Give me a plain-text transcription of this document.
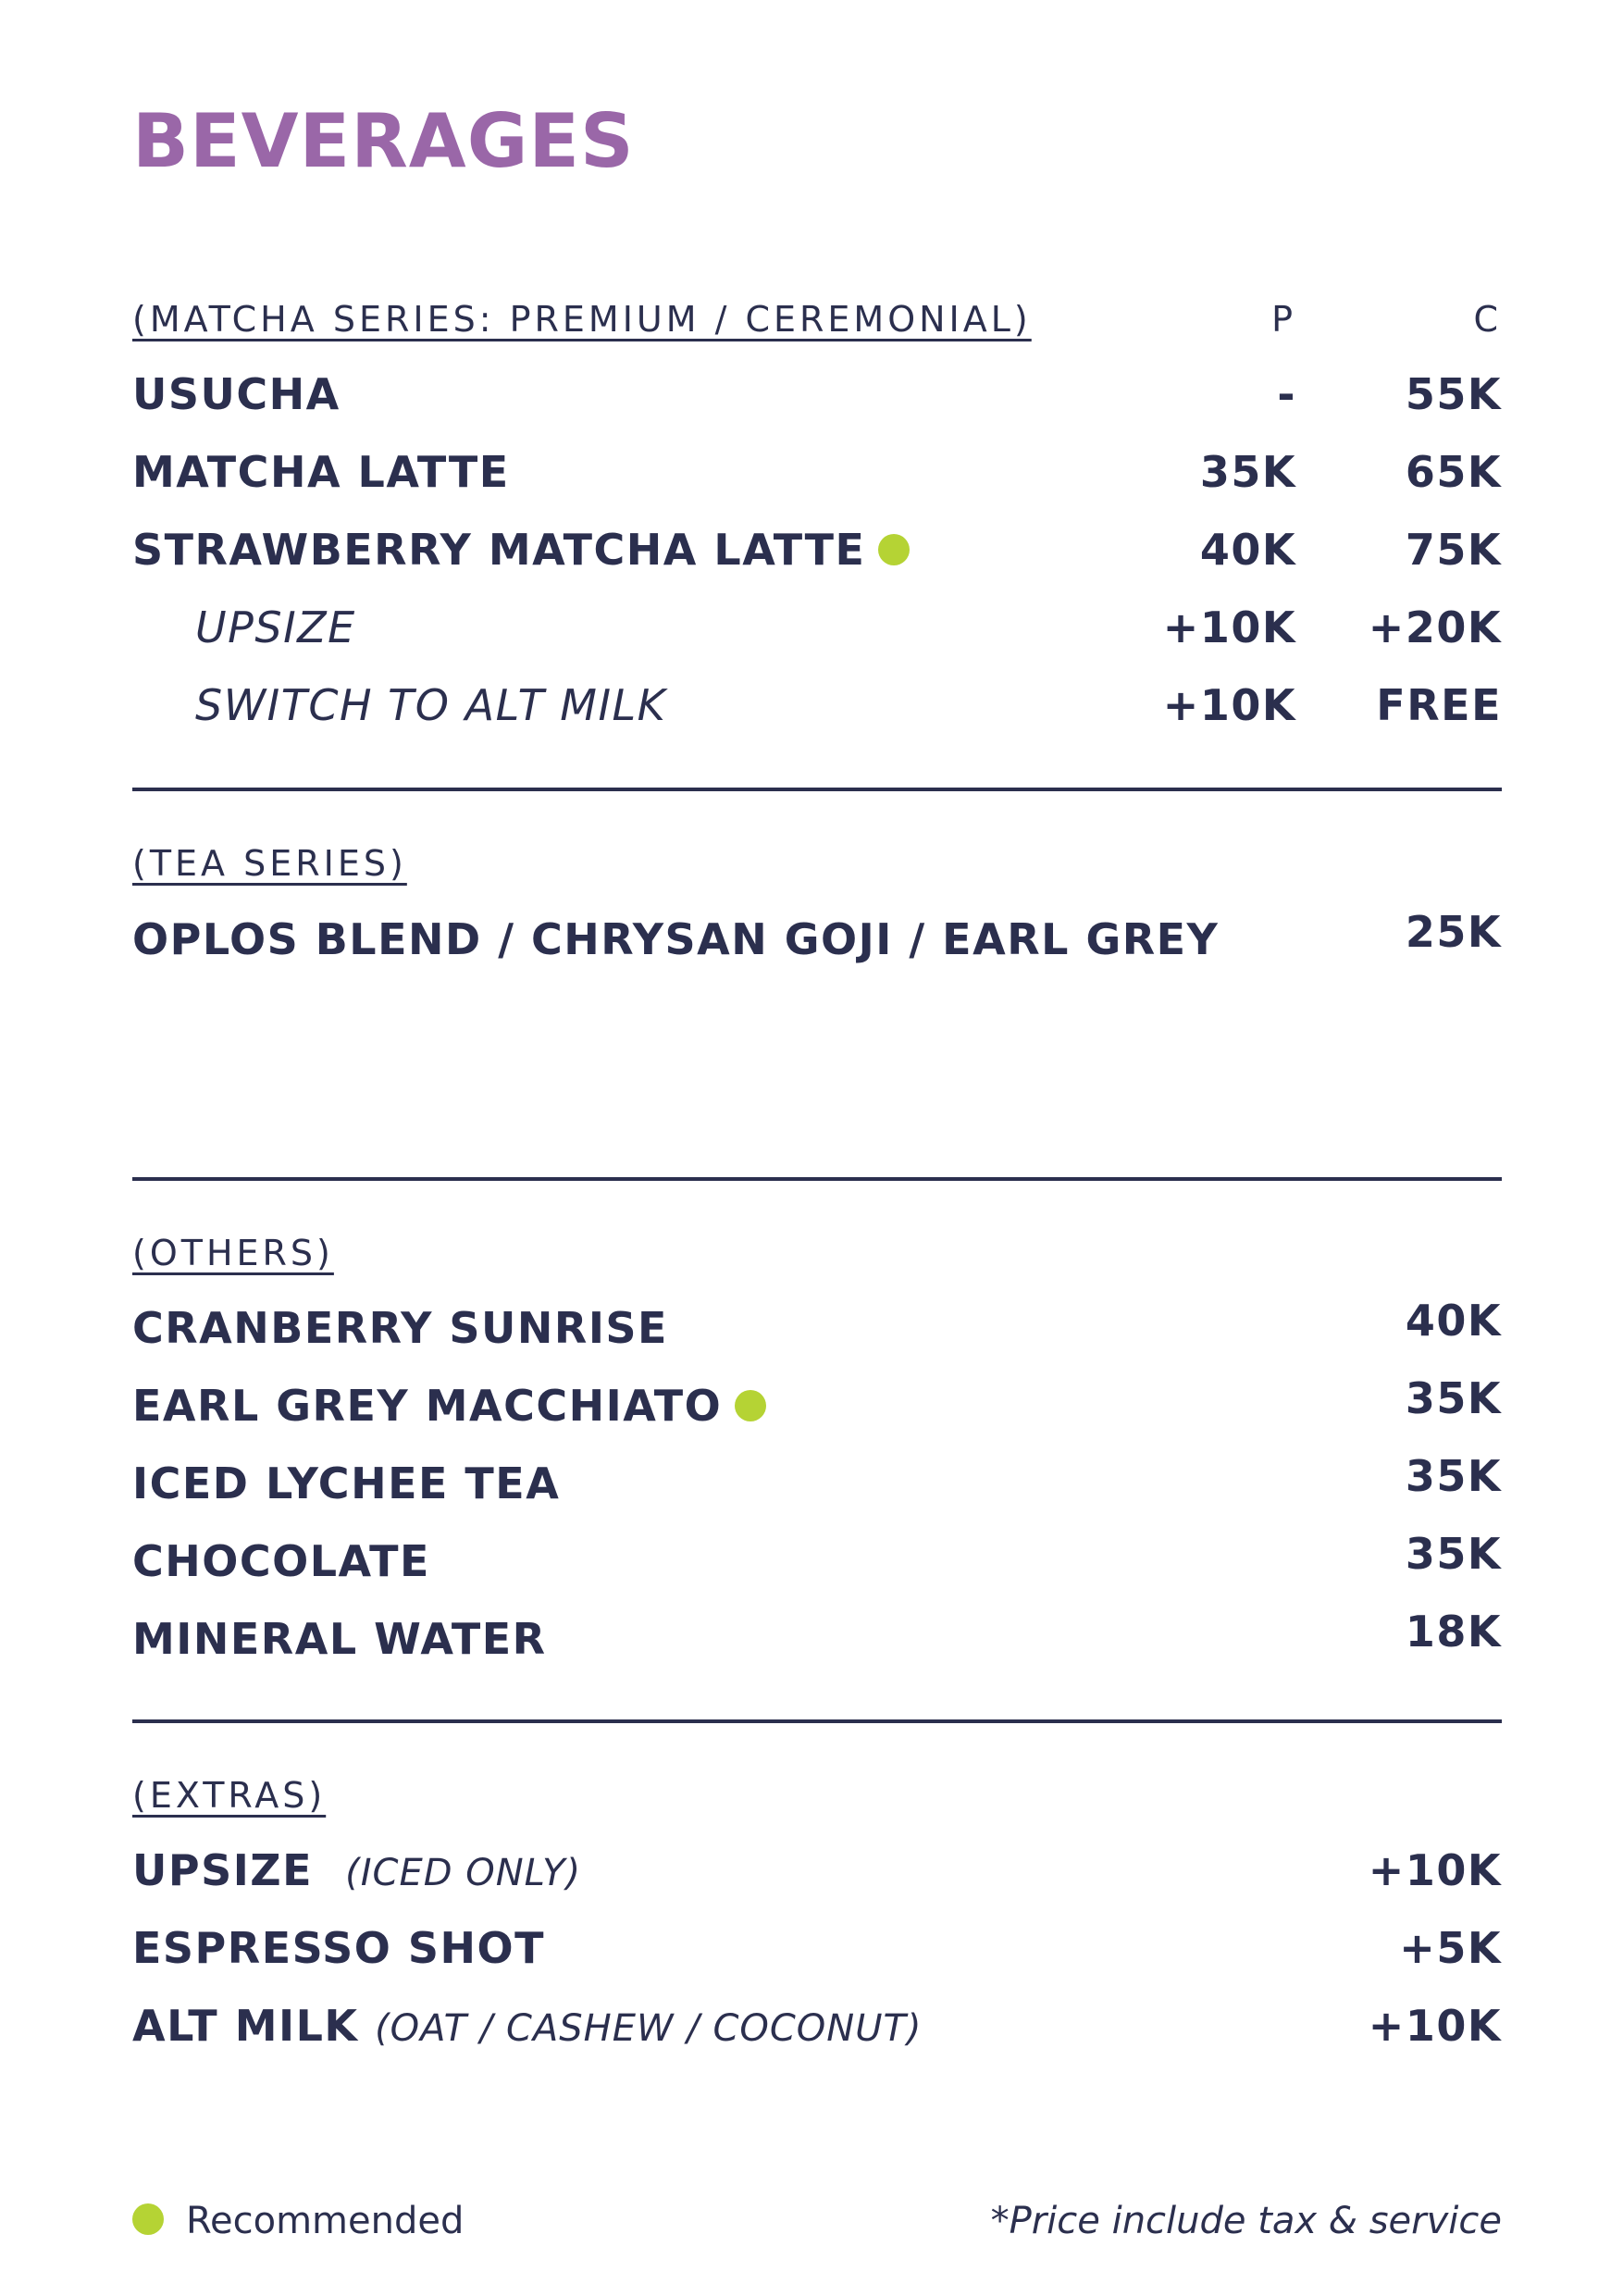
BEVERAGES
(MATCHA SERIES: PREMIUM / CEREMONIAL)	P	C
USUCHA	-	55K
MATCHA LATTE	35K	65K
STRAWBERRY MATCHA LATTE	40K	75K
UPSIZE	+10K +20K
SWITCH TO ALT MILK	+10K FREE
(TEA SERIES)
OPLOS BLEND / CHRYSAN GOJI / EARL GREY	25K
(OTHERS)
CRANBERRY SUNRISE	40K
EARL GREY MACCHIATO	35K
ICED LYCHEE TEA	35K
CHOCOLATE	35K
MINERAL WATER	18K
(EXTRAS)
UPSIZE (ICED ONLY)	+10K
ESPRESSO SHOT	+5K
ALT MILK (OAT / CASHEW / COCONUT)	+10K
Recommended	*Price include tax & service
